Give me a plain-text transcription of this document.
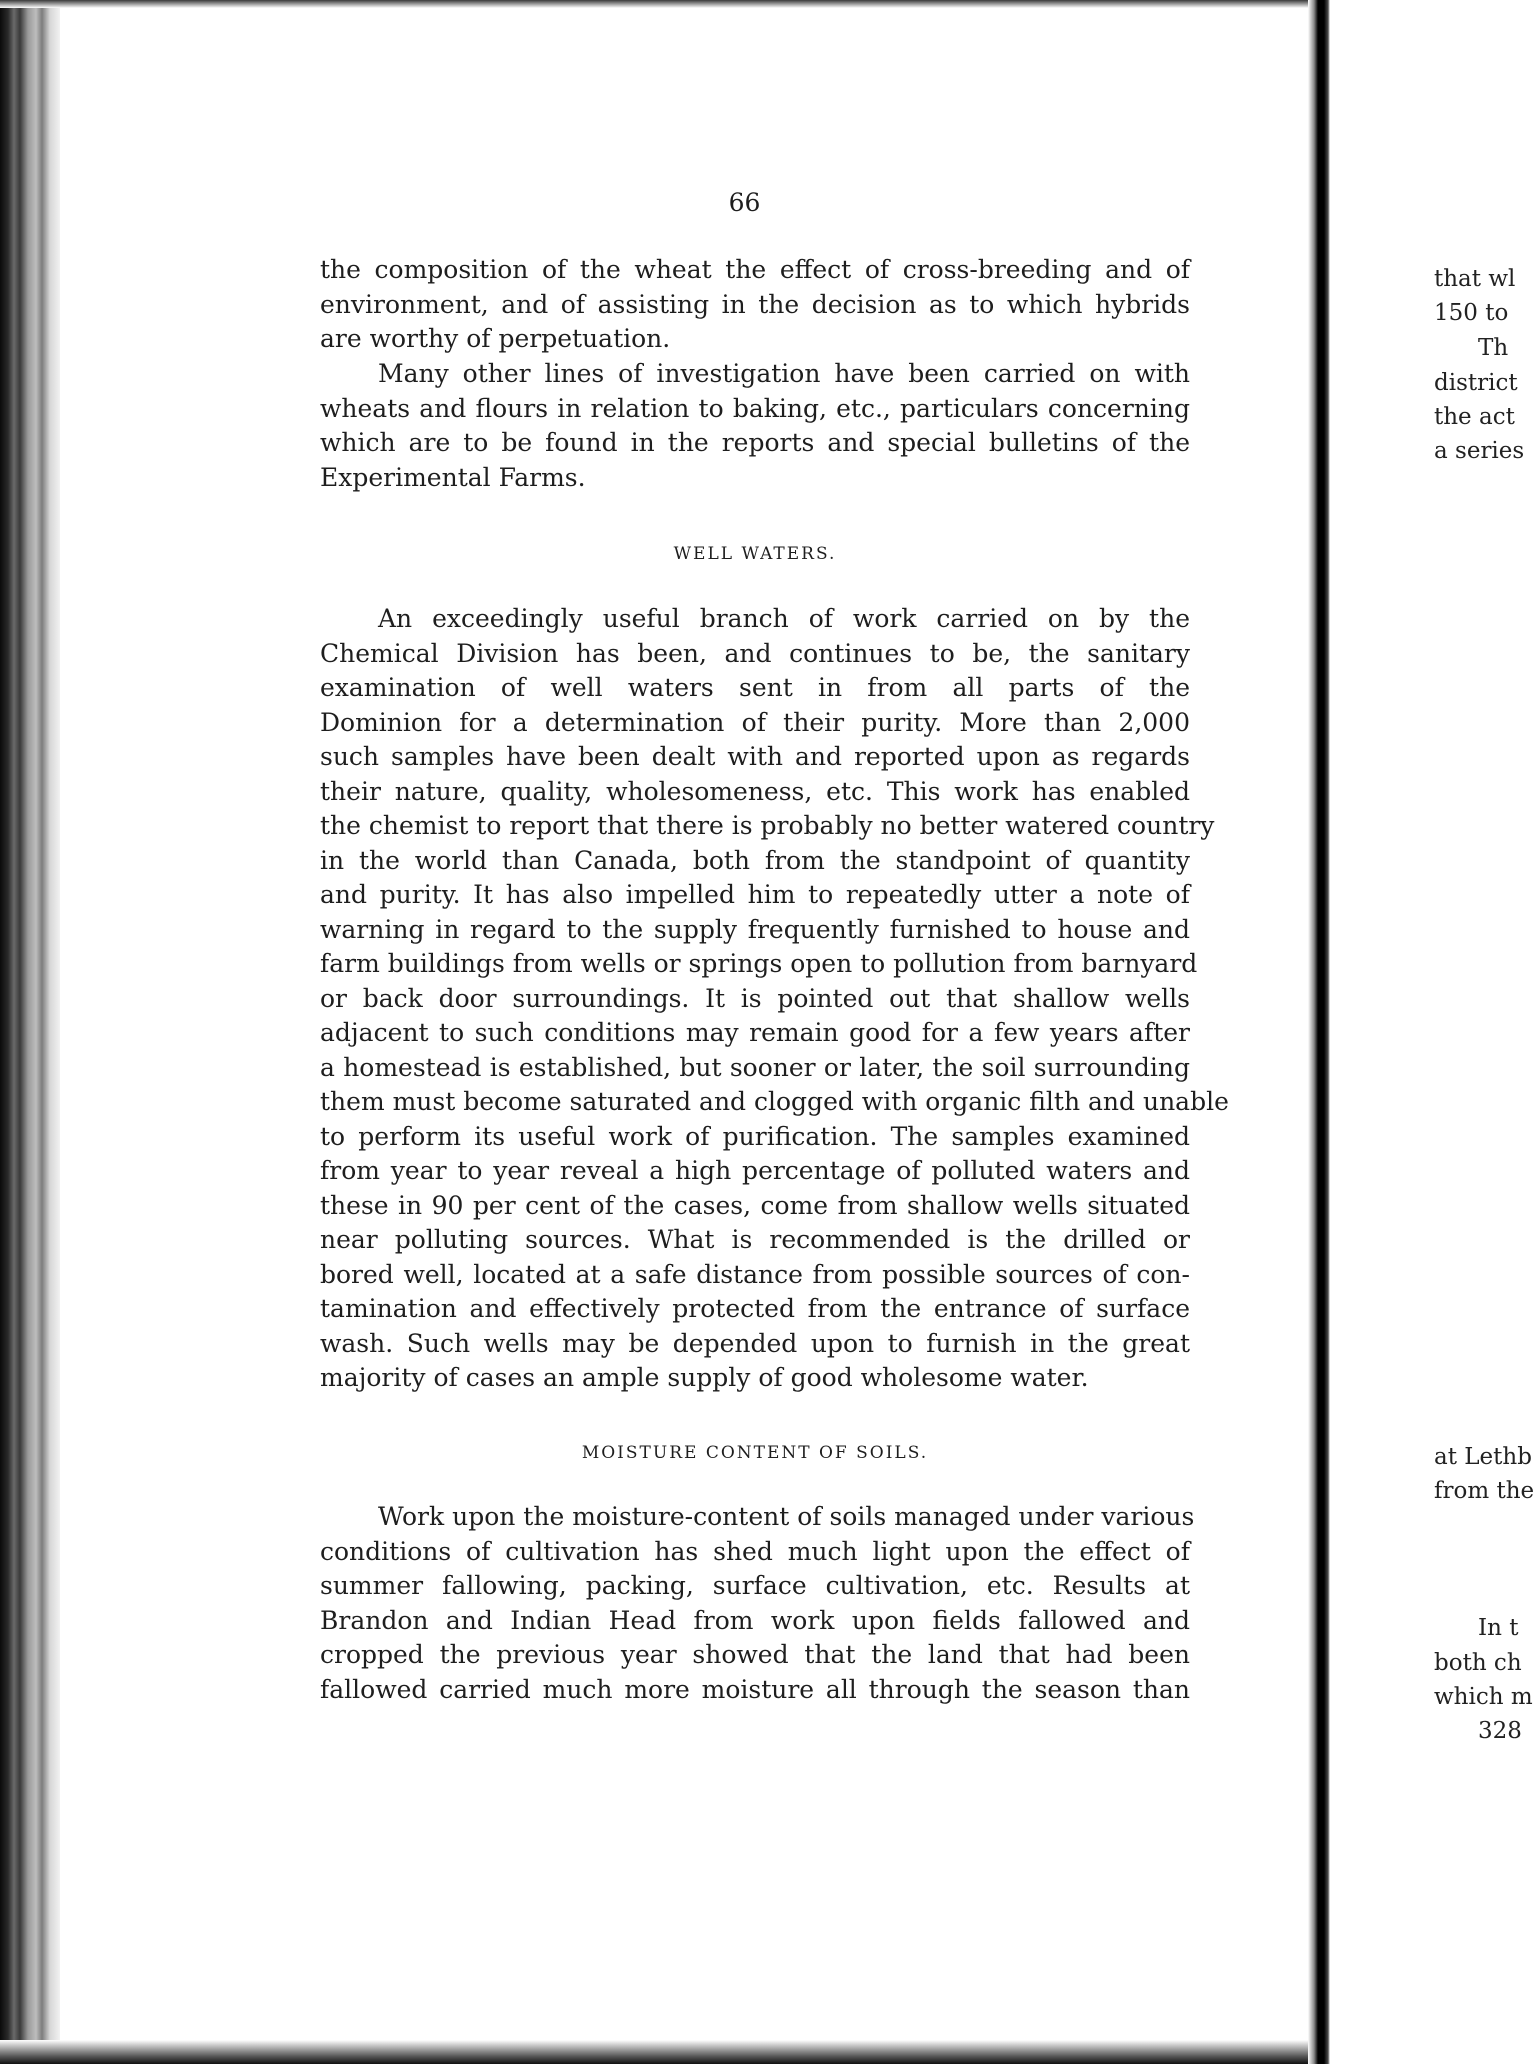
66
the composition of the wheat the effect of cross-breeding and of
environment, and of assisting in the decision as to which hybrids
are worthy of perpetuation.
Many other lines of investigation have been carried on with
wheats and flours in relation to baking, etc., particulars concerning
which are to be found in the reports and special bulletins of the
Experimental Farms.
WELL WATERS.
An exceedingly useful branch of work carried on by the
Chemical Division has been, and continues to be, the sanitary
examination of well waters sent in from all parts of the
Dominion for a determination of their purity. More than 2,000
such samples have been dealt with and reported upon as regards
their nature, quality, wholesomeness, etc. This work has enabled
the chemist to report that there is probably no better watered country
in the world than Canada, both from the standpoint of quantity
and purity. It has also impelled him to repeatedly utter a note of
warning in regard to the supply frequently furnished to house and
farm buildings from wells or springs open to pollution from barnyard
or back door surroundings. It is pointed out that shallow wells
adjacent to such conditions may remain good for a few years after
a homestead is established, but sooner or later, the soil surrounding
them must become saturated and clogged with organic filth and unable
to perform its useful work of purification. The samples examined
from year to year reveal a high percentage of polluted waters and
these in 90 per cent of the cases, come from shallow wells situated
near polluting sources. What is recommended is the drilled or
bored well, located at a safe distance from possible sources of con-
tamination and effectively protected from the entrance of surface
wash. Such wells may be depended upon to furnish in the great
majority of cases an ample supply of good wholesome water.
MOISTURE CONTENT OF SOILS.
Work upon the moisture-content of soils managed under various
conditions of cultivation has shed much light upon the effect of
summer fallowing, packing, surface cultivation, etc. Results at
Brandon and Indian Head from work upon fields fallowed and
cropped the previous year showed that the land that had been
fallowed carried much more moisture all through the season than
that wl
150 to
Th
district
the act
a series
at Lethb
from the
In t
both ch
which m
328
